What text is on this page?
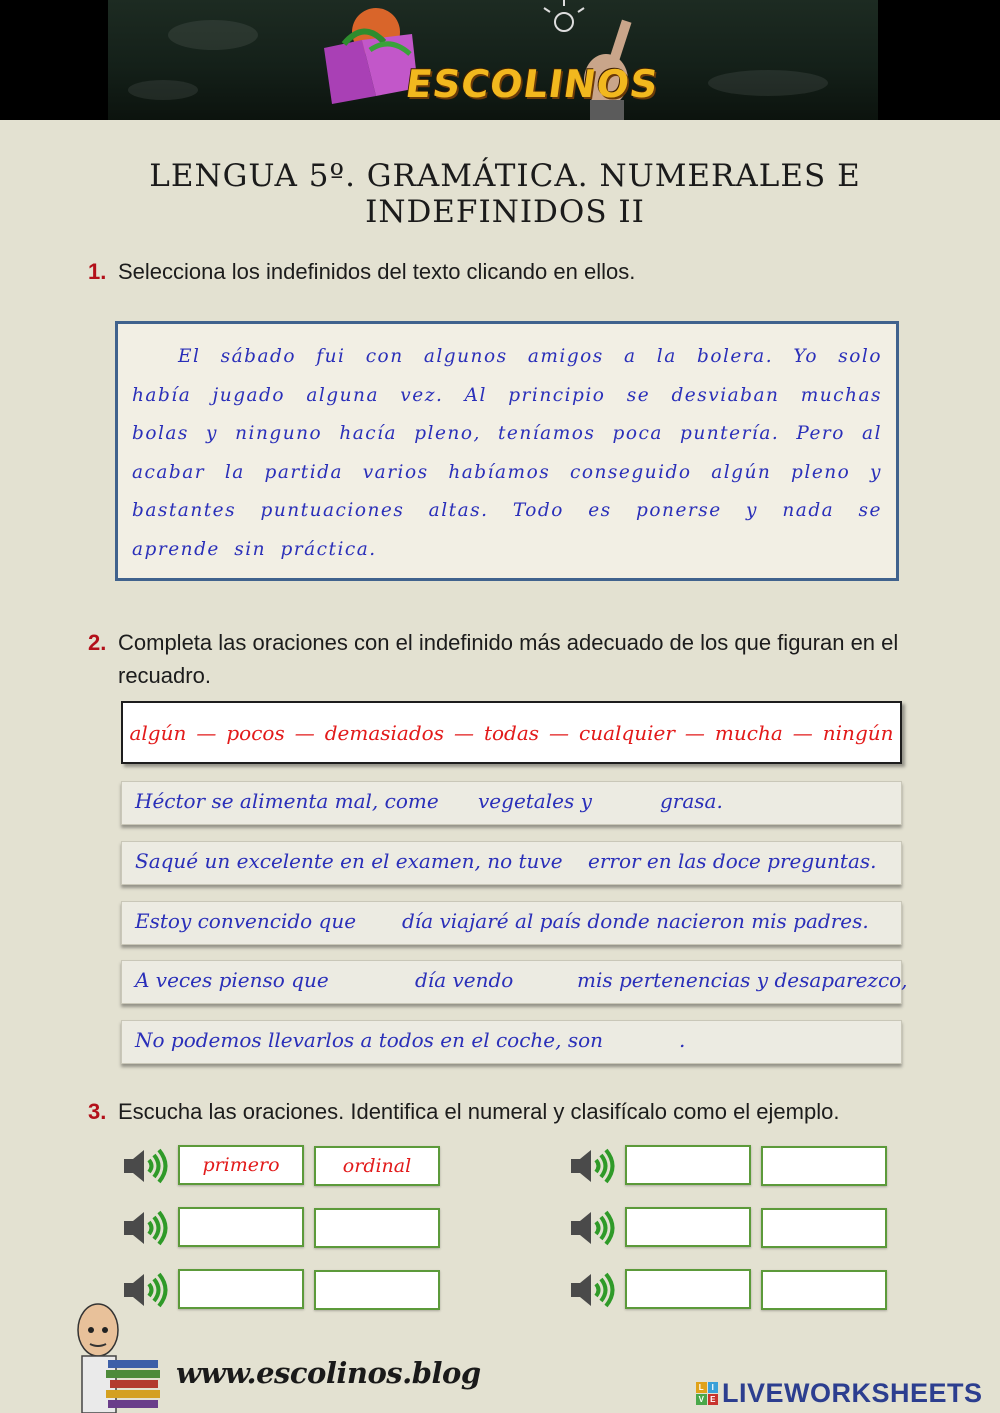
ESCOLINOS
LENGUA 5º. GRAMÁTICA. NUMERALES E INDEFINIDOS II
1. Selecciona los indefinidos del texto clicando en ellos.

El sábado fui con algunos amigos a la bolera. Yo solo había jugado alguna vez. Al principio se desviaban muchas bolas y ninguno hacía pleno, teníamos poca puntería. Pero al acabar la partida varios habíamos conseguido algún pleno y bastantes puntuaciones altas. Todo es ponerse y nada se aprende sin práctica.

2. Completa las oraciones con el indefinido más adecuado de los que figuran en el recuadro.
algún — pocos — demasiados — todas — cualquier — mucha — ningún
Héctor se alimenta mal, come vegetales y	grasa.
Saqué un excelente en el examen, no tuve error en las doce preguntas.
Estoy convencido que día viajaré al país donde nacieron mis padres.
A veces pienso que	día vendo	mis pertenencias y desaparezco,
No podemos llevarlos a todos en el coche, son	.
3. Escucha las oraciones. Identifica el numeral y clasifícalo como el ejemplo.
primero	ordinal
www.escolinos.blog	L I
V E LIVEWORKSHEETS
